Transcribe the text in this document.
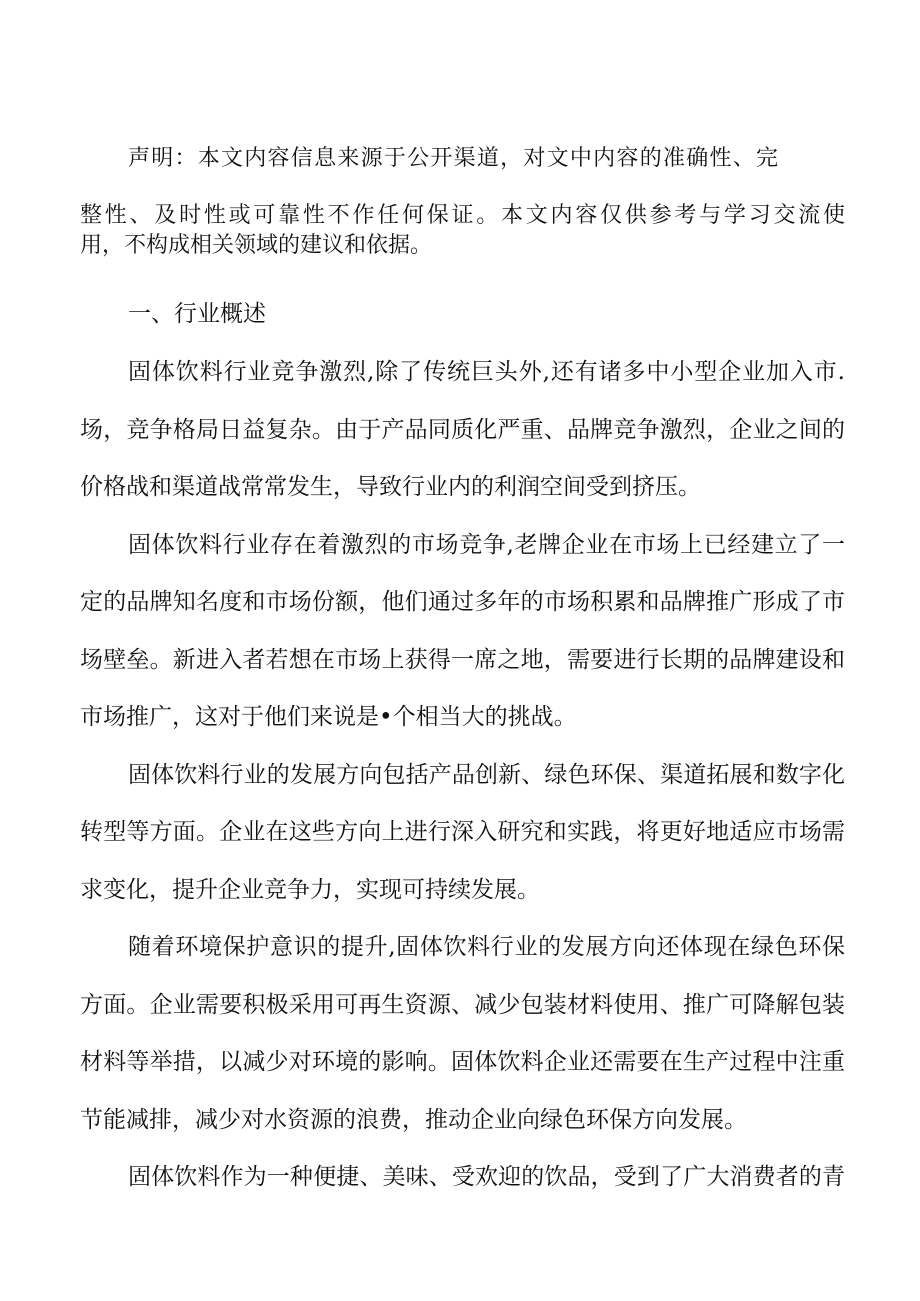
声明：本文内容信息来源于公开渠道，对文中内容的准确性、完
整性、及时性或可靠性不作任何保证。本文内容仅供参考与学习交流使
用，不构成相关领域的建议和依据。
一、行业概述
固体饮料行业竞争激烈,除了传统巨头外,还有诸多中小型企业加入市.
场，竞争格局日益复杂。由于产品同质化严重、品牌竞争激烈，企业之间的
价格战和渠道战常常发生，导致行业内的利润空间受到挤压。
固体饮料行业存在着激烈的市场竞争,老牌企业在市场上已经建立了一
定的品牌知名度和市场份额，他们通过多年的市场积累和品牌推广形成了市
场壁垒。新进入者若想在市场上获得一席之地，需要进行长期的品牌建设和
市场推广，这对于他们来说是•个相当大的挑战。
固体饮料行业的发展方向包括产品创新、绿色环保、渠道拓展和数字化
转型等方面。企业在这些方向上进行深入研究和实践，将更好地适应市场需
求变化，提升企业竞争力，实现可持续发展。
随着环境保护意识的提升,固体饮料行业的发展方向还体现在绿色环保
方面。企业需要积极采用可再生资源、减少包装材料使用、推广可降解包装
材料等举措，以减少对环境的影响。固体饮料企业还需要在生产过程中注重
节能减排，减少对水资源的浪费，推动企业向绿色环保方向发展。
固体饮料作为一种便捷、美味、受欢迎的饮品，受到了广大消费者的青
